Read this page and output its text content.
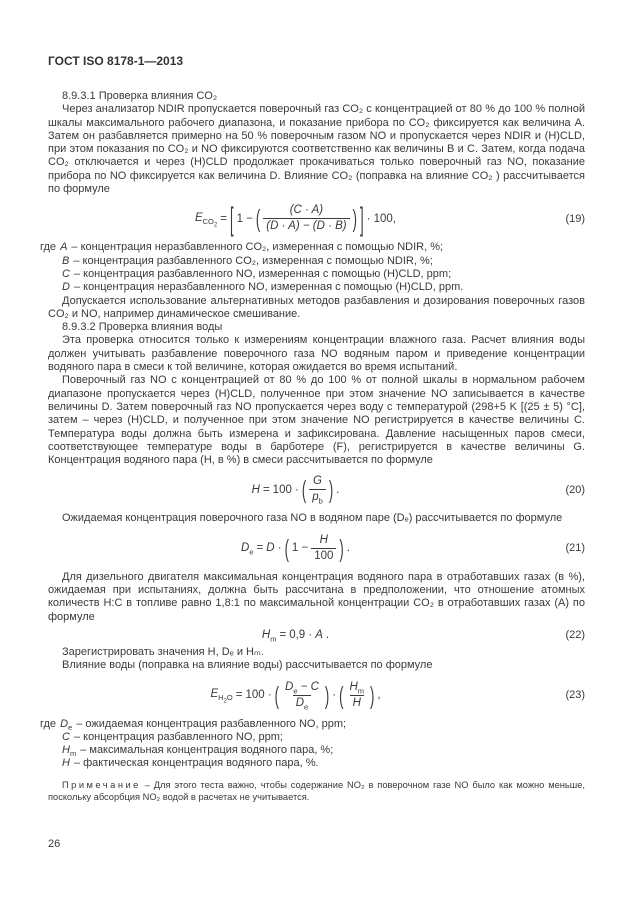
ГОСТ ISO 8178-1—2013
8.9.3.1 Проверка влияния CO₂

Через анализатор NDIR пропускается поверочный газ CO₂ с концентрацией от 80 % до 100 % полной шкалы максимального рабочего диапазона, и показание прибора по CO₂ фиксируется как величина A. Затем он разбавляется примерно на 50 % поверочным газом NO и пропускается через NDIR и (H)CLD, при этом показания по CO₂ и NO фиксируются соответственно как величины B и C. Затем, когда подача CO₂ отключается и через (H)CLD продолжает прокачиваться только поверочный газ NO, показание прибора по NO фиксируется как величина D. Влияние CO₂ (поправка на влияние CO₂ ) рассчитывается по формуле

$E_{CO_2}$
= [ 1 − ( $\frac{(C \cdot A)}{(D \cdot A) - (D \cdot B)}$ ) ] · 100,	(19)
где A – концентрация неразбавленного CO₂, измеренная с помощью NDIR, %;
B – концентрация разбавленного CO₂, измеренная с помощью NDIR, %;
C – концентрация разбавленного NO, измеренная с помощью (H)CLD, ppm;
D – концентрация неразбавленного NO, измеренная с помощью (H)CLD, ppm.

Допускается использование альтернативных методов разбавления и дозирования поверочных газов CO₂ и NO, например динамическое смешивание.

8.9.3.2 Проверка влияния воды

Эта проверка относится только к измерениям концентрации влажного газа. Расчет влияния воды должен учитывать разбавление поверочного газа NO водяным паром и приведение концентрации водяного пара в смеси к той величине, которая ожидается во время испытаний.

Поверочный газ NO с концентрацией от 80 % до 100 % от полной шкалы в нормальном рабочем диапазоне пропускается через (H)CLD, полученное при этом значение NO записывается в качестве величины D. Затем поверочный газ NO пропускается через воду с температурой (298+5 K [(25 ± 5) °C], затем – через (H)CLD, и полученное при этом значение NO регистрируется в качестве величины C. Температура воды должна быть измерена и зафиксирована. Давление насыщенных паров смеси, соответствующее температуре воды в барботере (F), регистрируется в качестве величины G. Концентрация водяного пара (H, в %) в смеси рассчитывается по формуле

H = 100 · ( $\frac{G}{p_b}$ ) .	(20)

Ожидаемая концентрация поверочного газа NO в водяном паре (Dₑ) рассчитывается по формуле

$D_e = D$ · ( $1 - \frac{H}{100}$ ) .	(21)

Для дизельного двигателя максимальная концентрация водяного пара в отработавших газах (в %), ожидаемая при испытаниях, должна быть рассчитана в предположении, что отношение атомных количеств H:C в топливе равно 1,8:1 по максимальной концентрации CO₂ в отработавших газах (A) по формуле

$H_m = 0,9 \cdot A$ .	(22)

Зарегистрировать значения H, Dₑ и Hₘ.

Влияние воды (поправка на влияние воды) рассчитывается по формуле

$E_{H_2O} = 100$ · ( $\frac{D_e - C}{D_e}$ ) · ( $\frac{H_m}{H}$ ) ,	(23)
где $D_e$ – ожидаемая концентрация разбавленного NO, ppm;
C – концентрация разбавленного NO, ppm;
$H_m$ – максимальная концентрация водяного пара, %;
H – фактическая концентрация водяного пара, %.
Примечание – Для этого теста важно, чтобы содержание NO₂ в поверочном газе NO было как можно меньше, поскольку абсорбция NO₂ водой в расчетах не учитывается.
26
